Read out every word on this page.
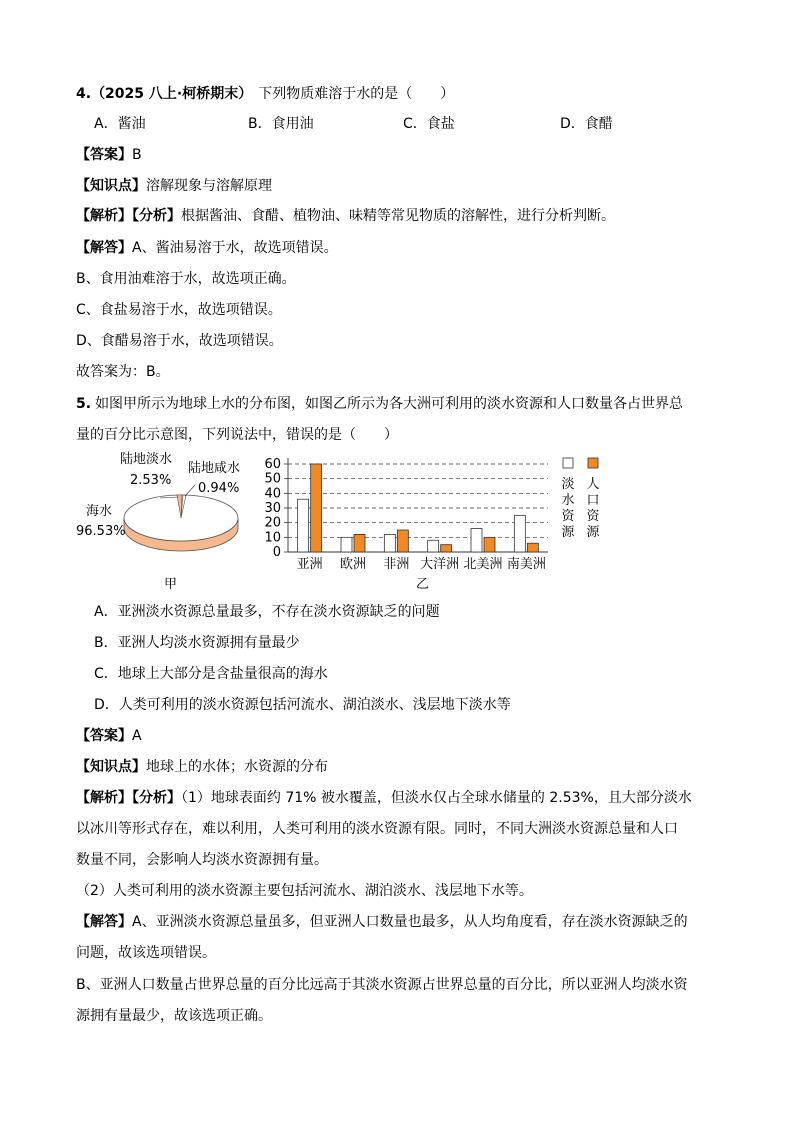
4.（2025 八上·柯桥期末） 下列物质难溶于水的是（　　）
A．酱油	B．食用油	C．食盐	D．食醋
【答案】B
【知识点】溶解现象与溶解原理
【解析】【分析】根据酱油、食醋、植物油、味精等常见物质的溶解性，进行分析判断。
【解答】A、酱油易溶于水，故选项错误。
B、食用油难溶于水，故选项正确。
C、食盐易溶于水，故选项错误。
D、食醋易溶于水，故选项错误。
故答案为：B。
5. 如图甲所示为地球上水的分布图，如图乙所示为各大洲可利用的淡水资源和人口数量各占世界总
量的百分比示意图，下列说法中，错误的是（　　）
陆地淡水
2.53%
陆地咸水
0.94%
海水
96.53%
甲
60
50
40
30
20
10
0
亚洲 欧洲 非洲 大洋洲 北美洲 南美洲
乙
淡
水
资
源
人
口
资
源
A．亚洲淡水资源总量最多，不存在淡水资源缺乏的问题
B．亚洲人均淡水资源拥有量最少
C．地球上大部分是含盐量很高的海水
D．人类可利用的淡水资源包括河流水、湖泊淡水、浅层地下淡水等
【答案】A
【知识点】地球上的水体；水资源的分布
【解析】【分析】（1）地球表面约 71% 被水覆盖，但淡水仅占全球水储量的 2.53%，且大部分淡水
以冰川等形式存在，难以利用，人类可利用的淡水资源有限。同时，不同大洲淡水资源总量和人口
数量不同，会影响人均淡水资源拥有量。
（2）人类可利用的淡水资源主要包括河流水、湖泊淡水、浅层地下水等。
【解答】A、亚洲淡水资源总量虽多，但亚洲人口数量也最多，从人均角度看，存在淡水资源缺乏的
问题，故该选项错误。
B、亚洲人口数量占世界总量的百分比远高于其淡水资源占世界总量的百分比，所以亚洲人均淡水资
源拥有量最少，故该选项正确。
